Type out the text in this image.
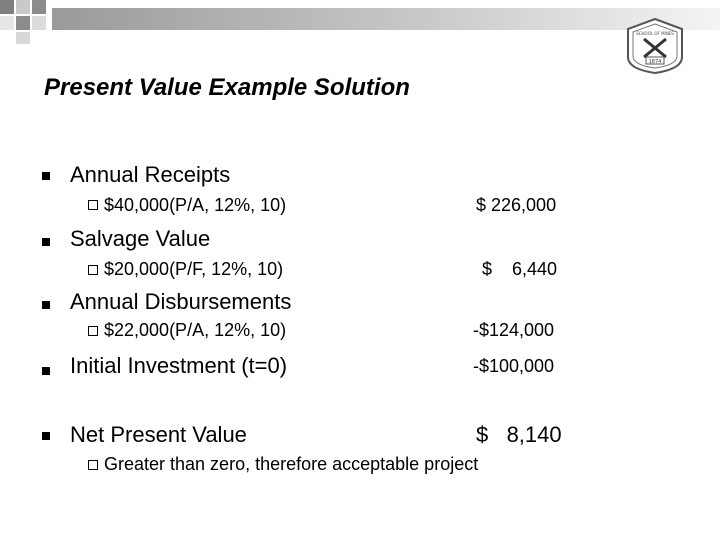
1874
SCHOOL OF MINES
Present Value Example Solution
Annual Receipts
$40,000(P/A, 12%, 10)	$ 226,000
Salvage Value
$20,000(P/F, 12%, 10)	$    6,440
Annual Disbursements
$22,000(P/A, 12%, 10)	-$124,000
Initial Investment (t=0)	-$100,000
Net Present Value	$   8,140
Greater than zero, therefore acceptable project
